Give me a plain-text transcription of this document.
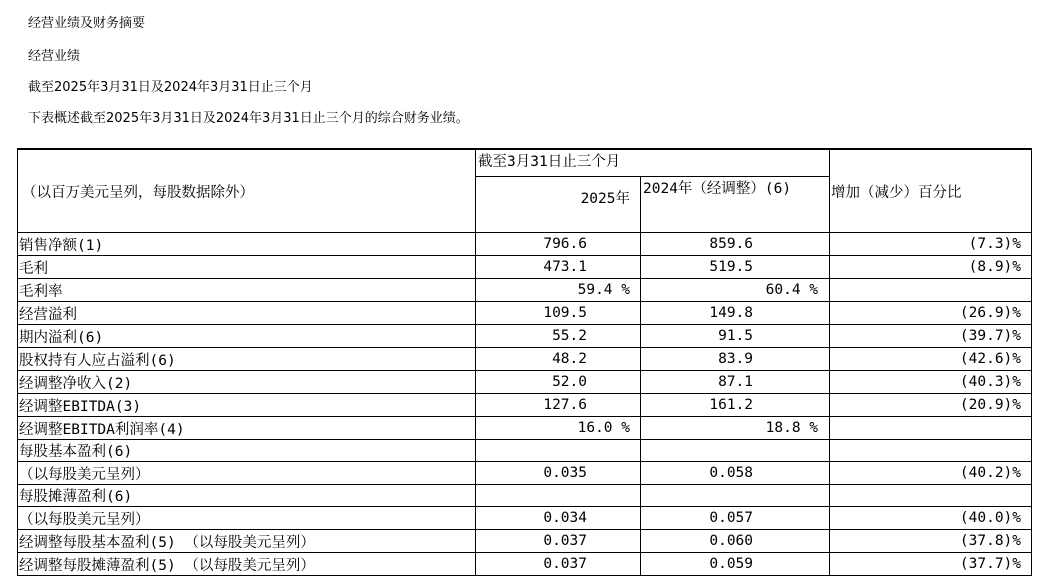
经营业绩及财务摘要
经营业绩
截至2025年3月31日及2024年3月31日止三个月
下表概述截至2025年3月31日及2024年3月31日止三个月的综合财务业绩。
（以百万美元呈列，每股数据除外）	截至3月31日止三个月		增加（减少）百分比
	2025年	2024年（经调整）(6)	
销售净额(1)	796.6	859.6	(7.3)%
毛利	473.1	519.5	(8.9)%
毛利率	59.4 %	60.4 %	
经营溢利	109.5	149.8	(26.9)%
期内溢利(6)	55.2	91.5	(39.7)%
股权持有人应占溢利(6)	48.2	83.9	(42.6)%
经调整净收入(2)	52.0	87.1	(40.3)%
经调整EBITDA(3)	127.6	161.2	(20.9)%
经调整EBITDA利润率(4)	16.0 %	18.8 %	
每股基本盈利(6)			
（以每股美元呈列）	0.035	0.058	(40.2)%
每股摊薄盈利(6)			
（以每股美元呈列）	0.034	0.057	(40.0)%
经调整每股基本盈利(5) （以每股美元呈列）	0.037	0.060	(37.8)%
经调整每股摊薄盈利(5) （以每股美元呈列）	0.037	0.059	(37.7)%
